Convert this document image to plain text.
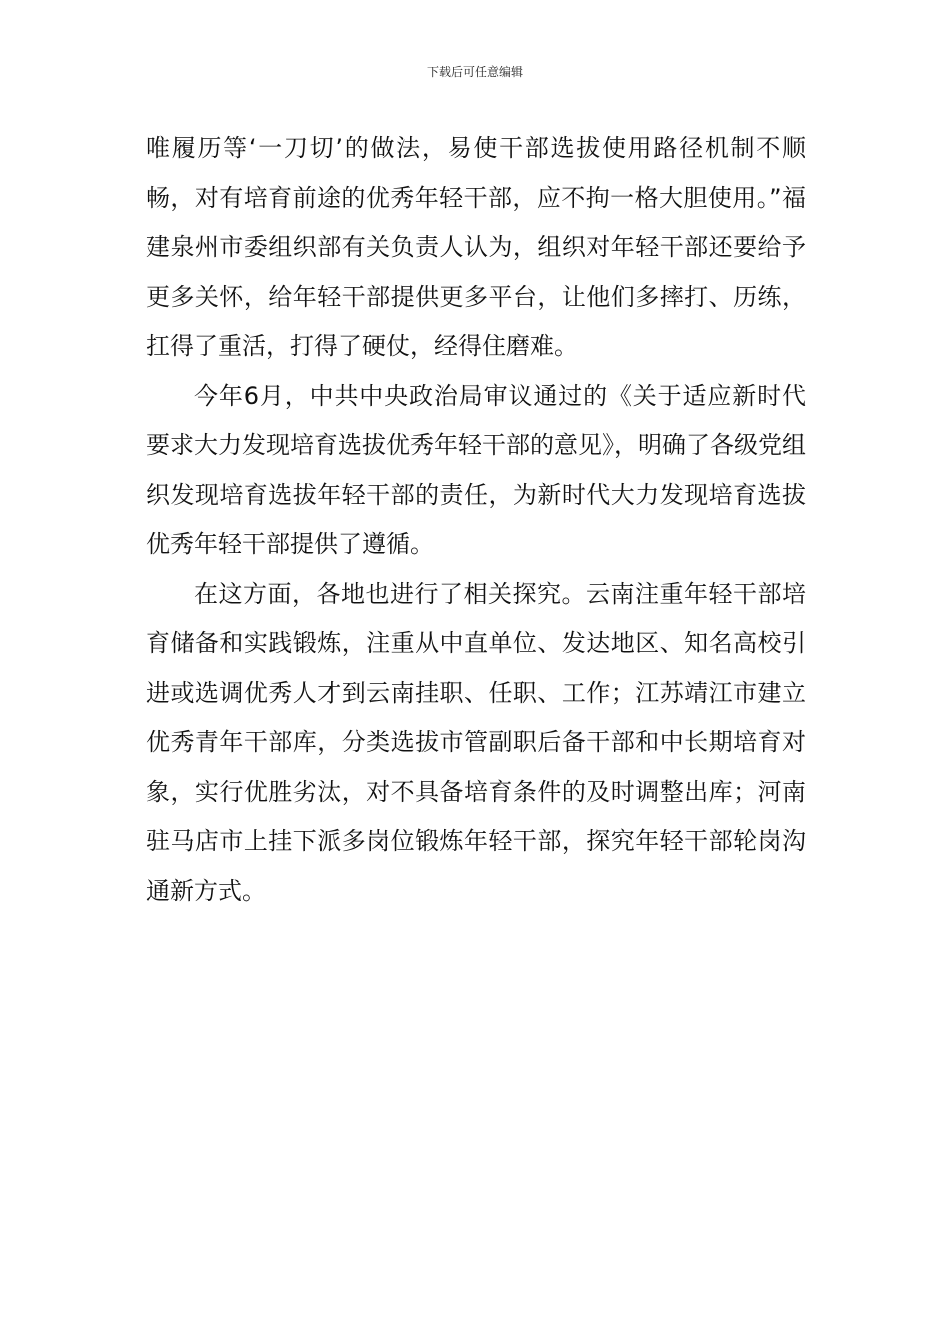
下载后可任意编辑

唯履历等‘一刀切’的做法，易使干部选拔使用路径机制不顺畅，对有培育前途的优秀年轻干部，应不拘一格大胆使用。”福建泉州市委组织部有关负责人认为，组织对年轻干部还要给予更多关怀，给年轻干部提供更多平台，让他们多摔打、历练，扛得了重活，打得了硬仗，经得住磨难。

今年6月，中共中央政治局审议通过的《关于适应新时代要求大力发现培育选拔优秀年轻干部的意见》，明确了各级党组织发现培育选拔年轻干部的责任，为新时代大力发现培育选拔优秀年轻干部提供了遵循。

在这方面，各地也进行了相关探究。云南注重年轻干部培育储备和实践锻炼，注重从中直单位、发达地区、知名高校引进或选调优秀人才到云南挂职、任职、工作；江苏靖江市建立优秀青年干部库，分类选拔市管副职后备干部和中长期培育对象，实行优胜劣汰，对不具备培育条件的及时调整出库；河南驻马店市上挂下派多岗位锻炼年轻干部，探究年轻干部轮岗沟通新方式。
